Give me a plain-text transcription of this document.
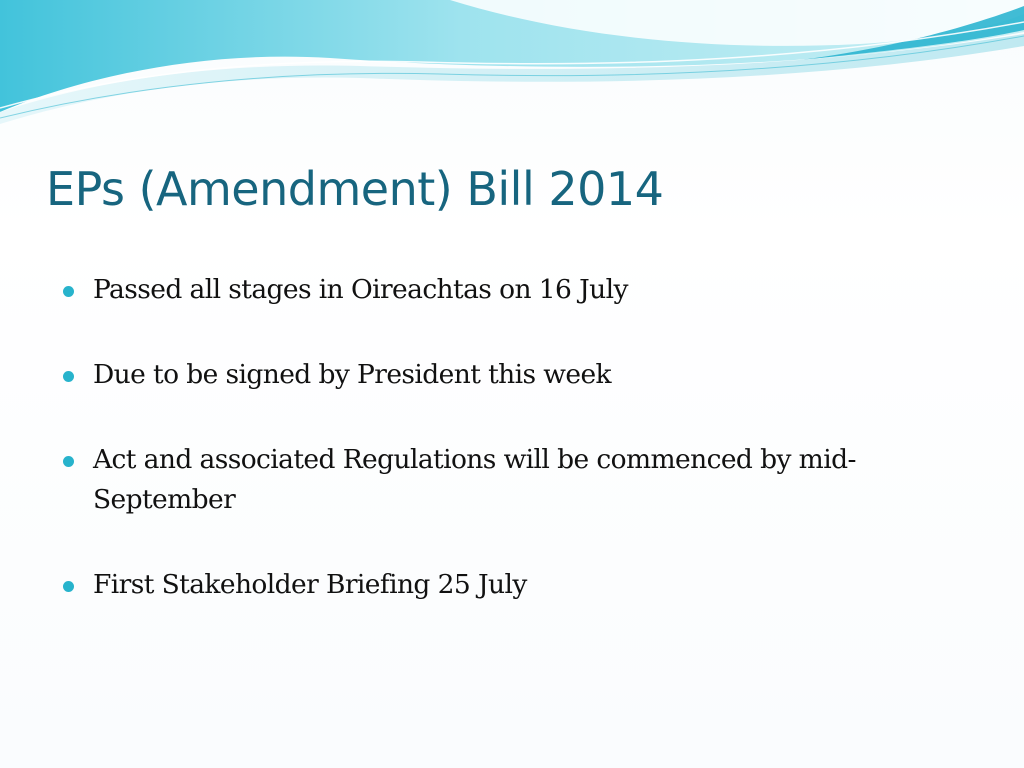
EPs (Amendment) Bill 2014
Passed all stages in Oireachtas on 16 July
Due to be signed by President this week
Act and associated Regulations will be commenced by mid-September
First Stakeholder Briefing 25 July
